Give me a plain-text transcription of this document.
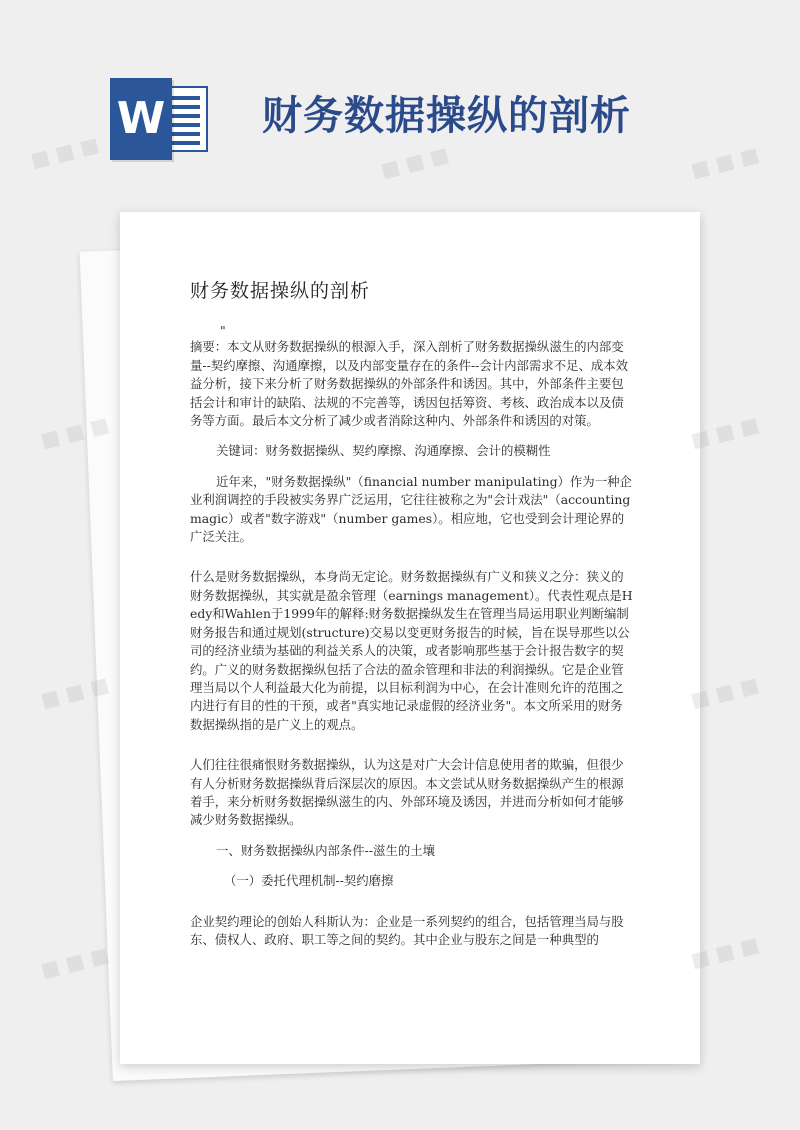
W 财务数据操纵的剖析
财务数据操纵的剖析

"

摘要：本文从财务数据操纵的根源入手，深入剖析了财务数据操纵滋生的内部变量--契约摩擦、沟通摩擦，以及内部变量存在的条件--会计内部需求不足、成本效益分析，接下来分析了财务数据操纵的外部条件和诱因。其中，外部条件主要包括会计和审计的缺陷、法规的不完善等，诱因包括筹资、考核、政治成本以及债务等方面。最后本文分析了减少或者消除这种内、外部条件和诱因的对策。

关键词：财务数据操纵、契约摩擦、沟通摩擦、会计的模糊性

近年来，"财务数据操纵"（financial number manipulating）作为一种企业利润调控的手段被实务界广泛运用，它往往被称之为"会计戏法"（accounting magic）或者"数字游戏"（number games）。相应地，它也受到会计理论界的广泛关注。

什么是财务数据操纵，本身尚无定论。财务数据操纵有广义和狭义之分：狭义的财务数据操纵，其实就是盈余管理（earnings management）。代表性观点是Hedy和Wahlen于1999年的解释:财务数据操纵发生在管理当局运用职业判断编制财务报告和通过规划(structure)交易以变更财务报告的时候，旨在误导那些以公司的经济业绩为基础的利益关系人的决策，或者影响那些基于会计报告数字的契约。广义的财务数据操纵包括了合法的盈余管理和非法的利润操纵。它是企业管理当局以个人利益最大化为前提，以目标利润为中心，在会计准则允许的范围之内进行有目的性的干预，或者"真实地记录虚假的经济业务"。本文所采用的财务数据操纵指的是广义上的观点。

人们往往很痛恨财务数据操纵，认为这是对广大会计信息使用者的欺骗，但很少有人分析财务数据操纵背后深层次的原因。本文尝试从财务数据操纵产生的根源着手，来分析财务数据操纵滋生的内、外部环境及诱因，并进而分析如何才能够减少财务数据操纵。

一、财务数据操纵内部条件--滋生的土壤

（一）委托代理机制--契约磨擦

企业契约理论的创始人科斯认为：企业是一系列契约的组合，包括管理当局与股东、债权人、政府、职工等之间的契约。其中企业与股东之间是一种典型的

■ ■ ■	■ ■ ■	■ ■ ■
■ ■ ■	■ ■ ■
■ ■ ■	■ ■ ■
■ ■ ■	■ ■ ■
